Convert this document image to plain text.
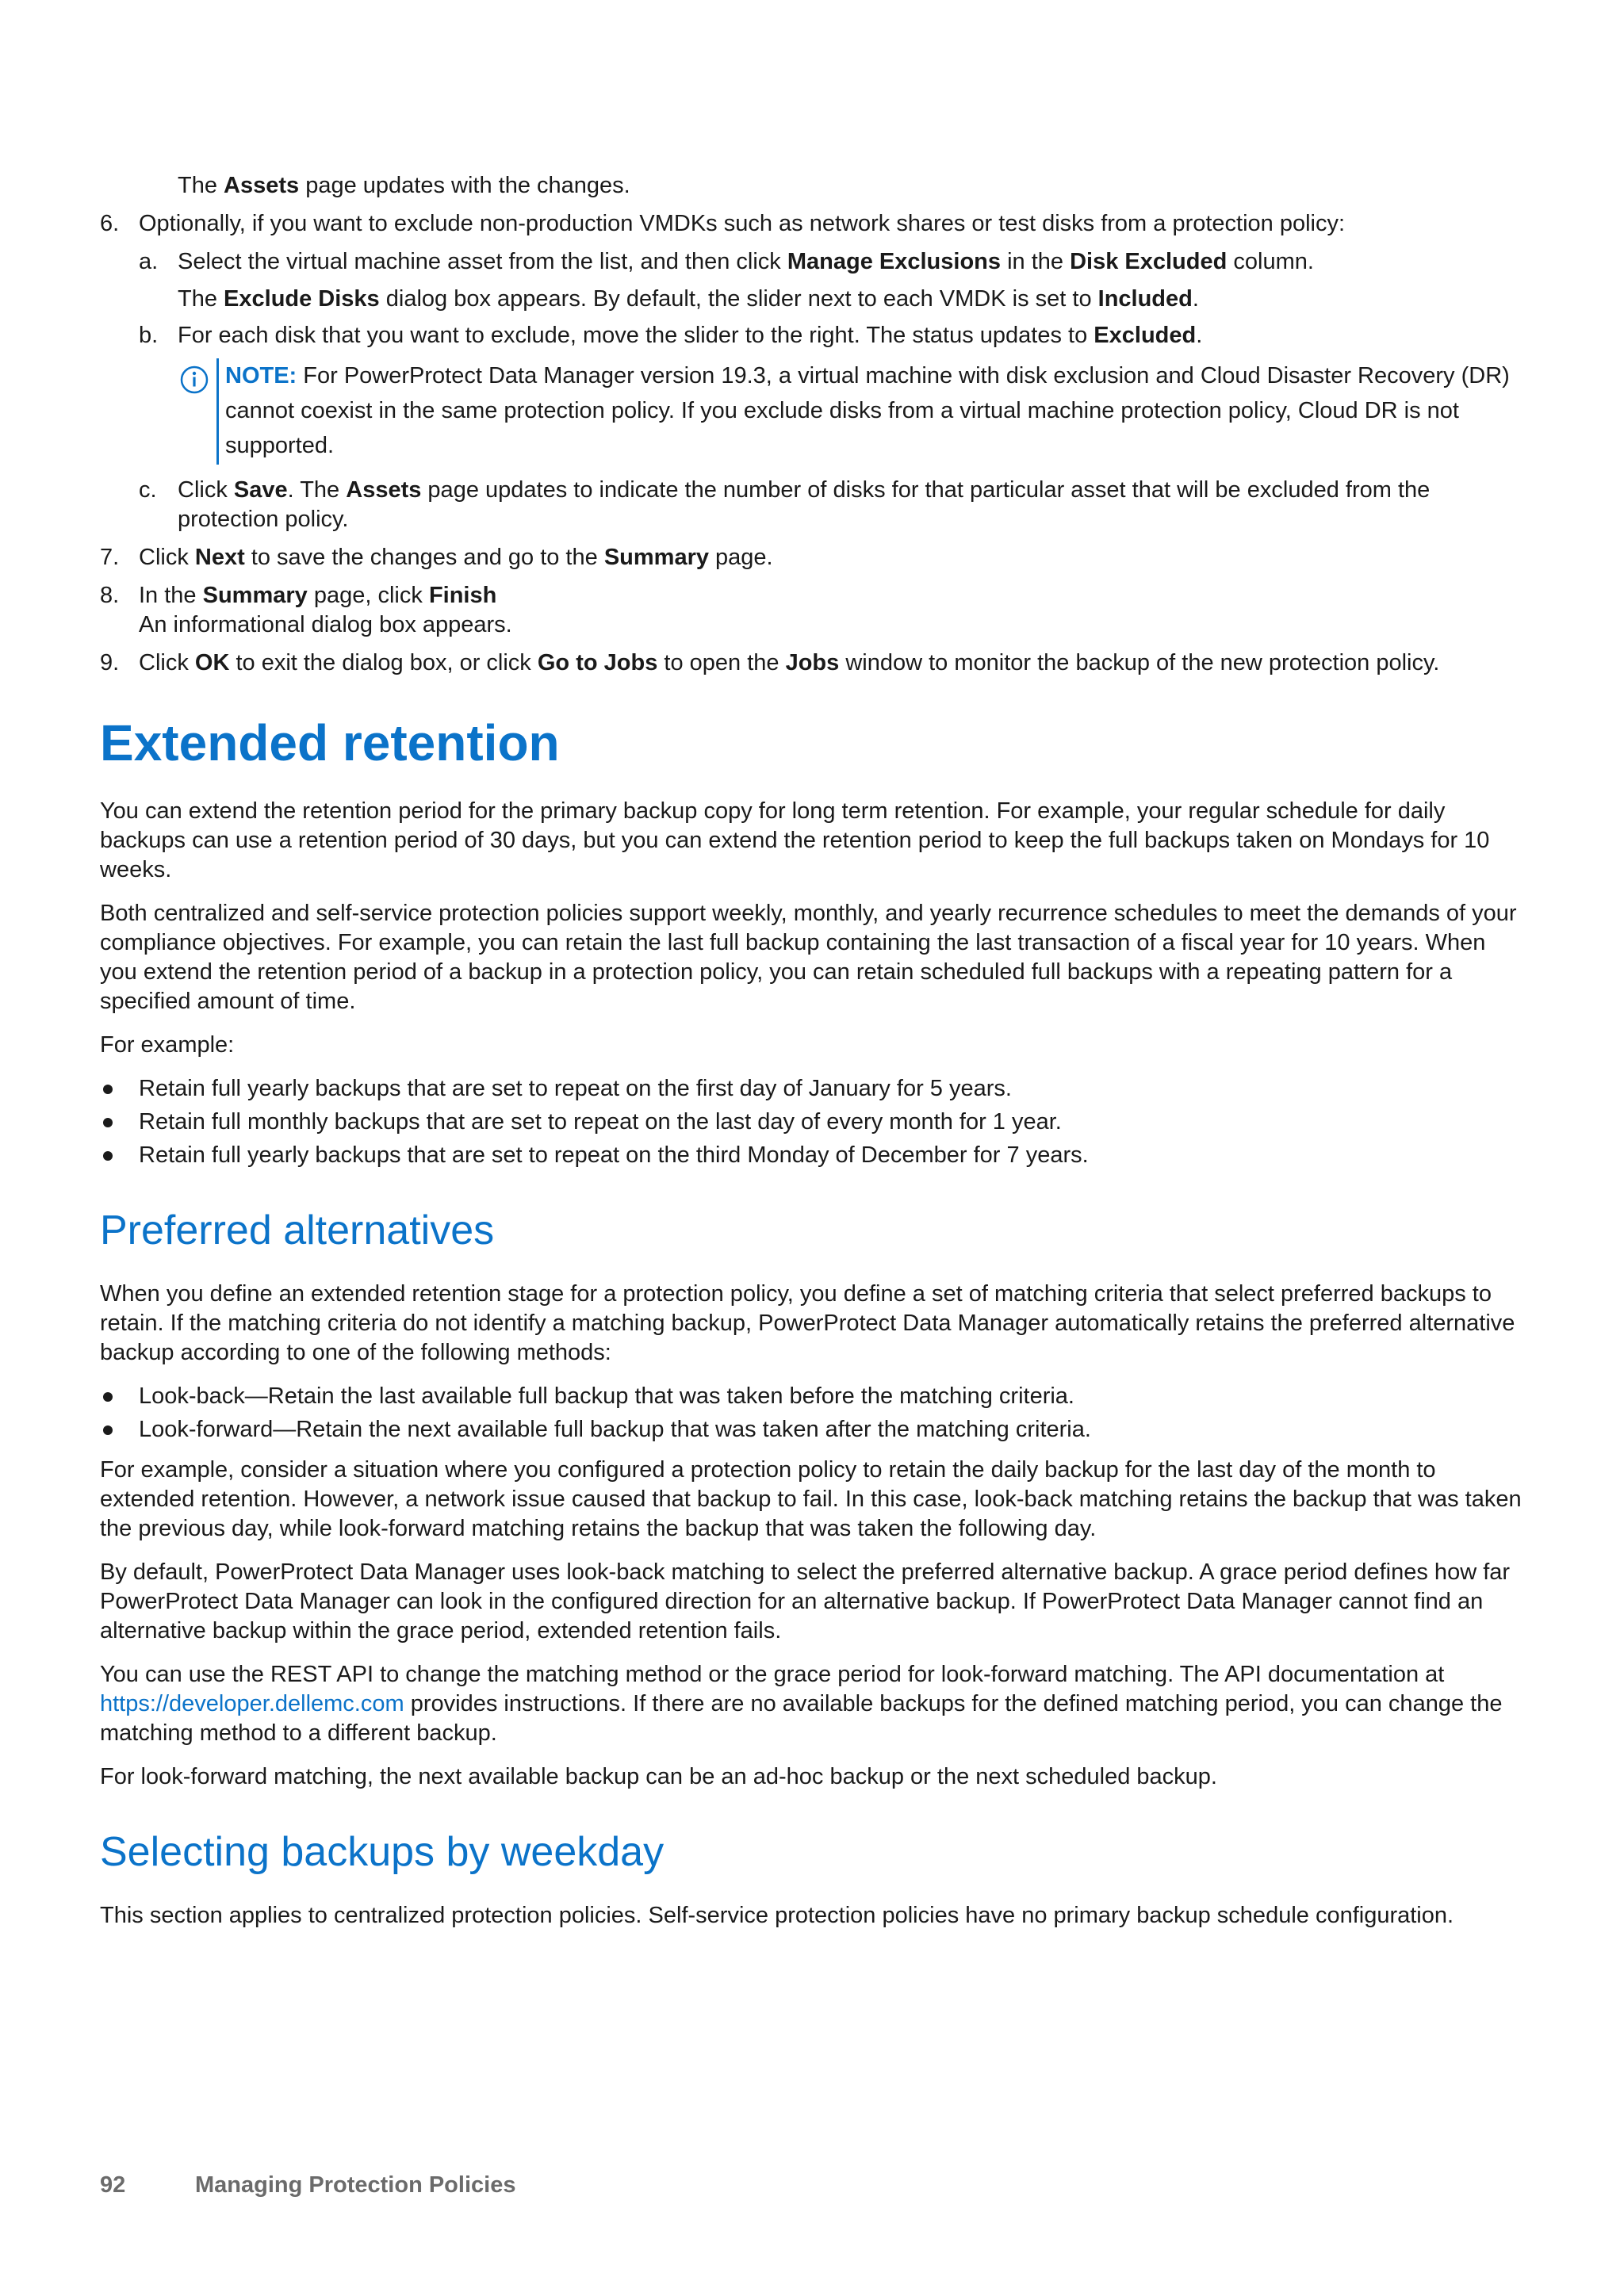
The Assets page updates with the changes.

6. Optionally, if you want to exclude non-production VMDKs such as network shares or test disks from a protection policy:
a. Select the virtual machine asset from the list, and then click Manage Exclusions in the Disk Excluded column.

The Exclude Disks dialog box appears. By default, the slider next to each VMDK is set to Included.

b. For each disk that you want to exclude, move the slider to the right. The status updates to Excluded.

NOTE: For PowerProtect Data Manager version 19.3, a virtual machine with disk exclusion and Cloud Disaster Recovery (DR) cannot coexist in the same protection policy. If you exclude disks from a virtual machine protection policy, Cloud DR is not supported.

c. Click Save. The Assets page updates to indicate the number of disks for that particular asset that will be excluded from the protection policy.
7. Click Next to save the changes and go to the Summary page.
8. In the Summary page, click Finish
An informational dialog box appears.
9. Click OK to exit the dialog box, or click Go to Jobs to open the Jobs window to monitor the backup of the new protection policy.
Extended retention

You can extend the retention period for the primary backup copy for long term retention. For example, your regular schedule for daily backups can use a retention period of 30 days, but you can extend the retention period to keep the full backups taken on Mondays for 10 weeks.

Both centralized and self-service protection policies support weekly, monthly, and yearly recurrence schedules to meet the demands of your compliance objectives. For example, you can retain the last full backup containing the last transaction of a fiscal year for 10 years. When you extend the retention period of a backup in a protection policy, you can retain scheduled full backups with a repeating pattern for a specified amount of time.

For example:

Retain full yearly backups that are set to repeat on the first day of January for 5 years.
Retain full monthly backups that are set to repeat on the last day of every month for 1 year.
Retain full yearly backups that are set to repeat on the third Monday of December for 7 years.
Preferred alternatives

When you define an extended retention stage for a protection policy, you define a set of matching criteria that select preferred backups to retain. If the matching criteria do not identify a matching backup, PowerProtect Data Manager automatically retains the preferred alternative backup according to one of the following methods:

Look-back—Retain the last available full backup that was taken before the matching criteria.
Look-forward—Retain the next available full backup that was taken after the matching criteria.

For example, consider a situation where you configured a protection policy to retain the daily backup for the last day of the month to extended retention. However, a network issue caused that backup to fail. In this case, look-back matching retains the backup that was taken the previous day, while look-forward matching retains the backup that was taken the following day.

By default, PowerProtect Data Manager uses look-back matching to select the preferred alternative backup. A grace period defines how far PowerProtect Data Manager can look in the configured direction for an alternative backup. If PowerProtect Data Manager cannot find an alternative backup within the grace period, extended retention fails.

You can use the REST API to change the matching method or the grace period for look-forward matching. The API documentation at https://developer.dellemc.com provides instructions. If there are no available backups for the defined matching period, you can change the matching method to a different backup.

For look-forward matching, the next available backup can be an ad-hoc backup or the next scheduled backup.

Selecting backups by weekday

This section applies to centralized protection policies. Self-service protection policies have no primary backup schedule configuration.

92	Managing Protection Policies
